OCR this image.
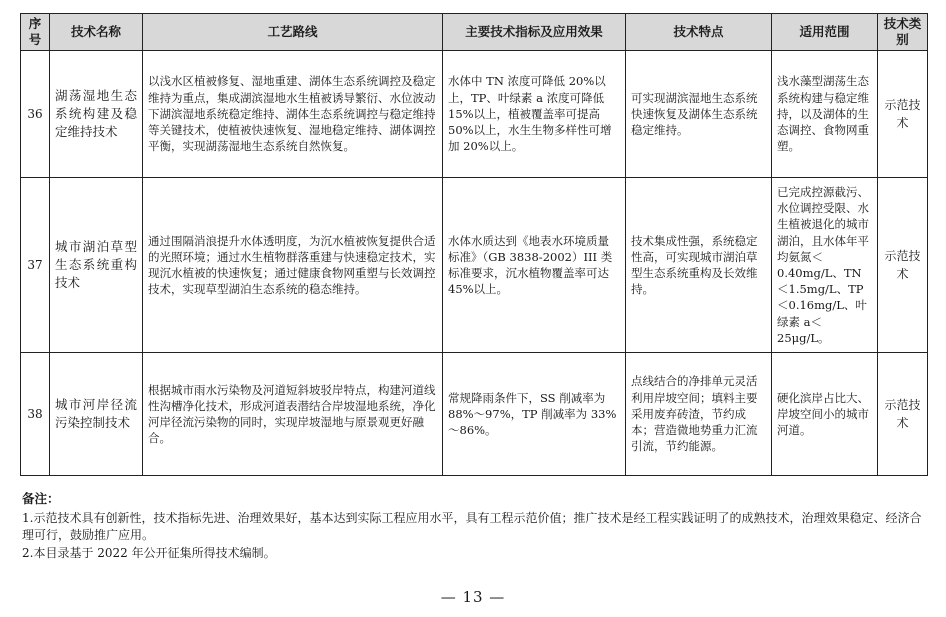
序号	技术名称	工艺路线	主要技术指标及应用效果	技术特点	适用范围	技术类别
36	湖荡湿地生态系统构建及稳定维持技术	以浅水区植被修复、湿地重建、湖体生态系统调控及稳定维持为重点，集成湖滨湿地水生植被诱导繁衍、水位波动下湖滨湿地系统稳定维持、湖体生态系统调控与稳定维持等关键技术，使植被快速恢复、湿地稳定维持、湖体调控平衡，实现湖荡湿地生态系统自然恢复。	水体中 TN 浓度可降低 20%以上，TP、叶绿素 a 浓度可降低 15%以上，植被覆盖率可提高 50%以上，水生生物多样性可增加 20%以上。	可实现湖滨湿地生态系统快速恢复及湖体生态系统稳定维持。	浅水藻型湖荡生态系统构建与稳定维持，以及湖体的生态调控、食物网重塑。	示范技术
37	城市湖泊草型生态系统重构技术	通过围隔消浪提升水体透明度，为沉水植被恢复提供合适的光照环境；通过水生植物群落重建与快速稳定技术，实现沉水植被的快速恢复；通过健康食物网重塑与长效调控技术，实现草型湖泊生态系统的稳态维持。	水体水质达到《地表水环境质量标准》（GB 3838-2002）III 类标准要求，沉水植物覆盖率可达 45%以上。	技术集成性强，系统稳定性高，可实现城市湖泊草型生态系统重构及长效维持。	已完成控源截污、水位调控受限、水生植被退化的城市湖泊，且水体年平均氨氮＜0.40mg/L、TN＜1.5mg/L、TP＜0.16mg/L、叶绿素 a＜25μg/L。	示范技术
38	城市河岸径流污染控制技术	根据城市雨水污染物及河道短斜坡驳岸特点，构建河道线性沟槽净化技术，形成河道表潜结合岸坡湿地系统，净化河岸径流污染物的同时，实现岸坡湿地与原景观更好融合。	常规降雨条件下，SS 削减率为 88%～97%，TP 削减率为 33%～86%。	点线结合的净排单元灵活利用岸坡空间；填料主要采用废弃砖渣，节约成本；营造微地势重力汇流引流，节约能源。	硬化滨岸占比大、岸坡空间小的城市河道。	示范技术
备注：
1.示范技术具有创新性，技术指标先进、治理效果好，基本达到实际工程应用水平，具有工程示范价值；推广技术是经工程实践证明了的成熟技术，治理效果稳定、经济合理可行，鼓励推广应用。
2.本目录基于 2022 年公开征集所得技术编制。
— 13 —
